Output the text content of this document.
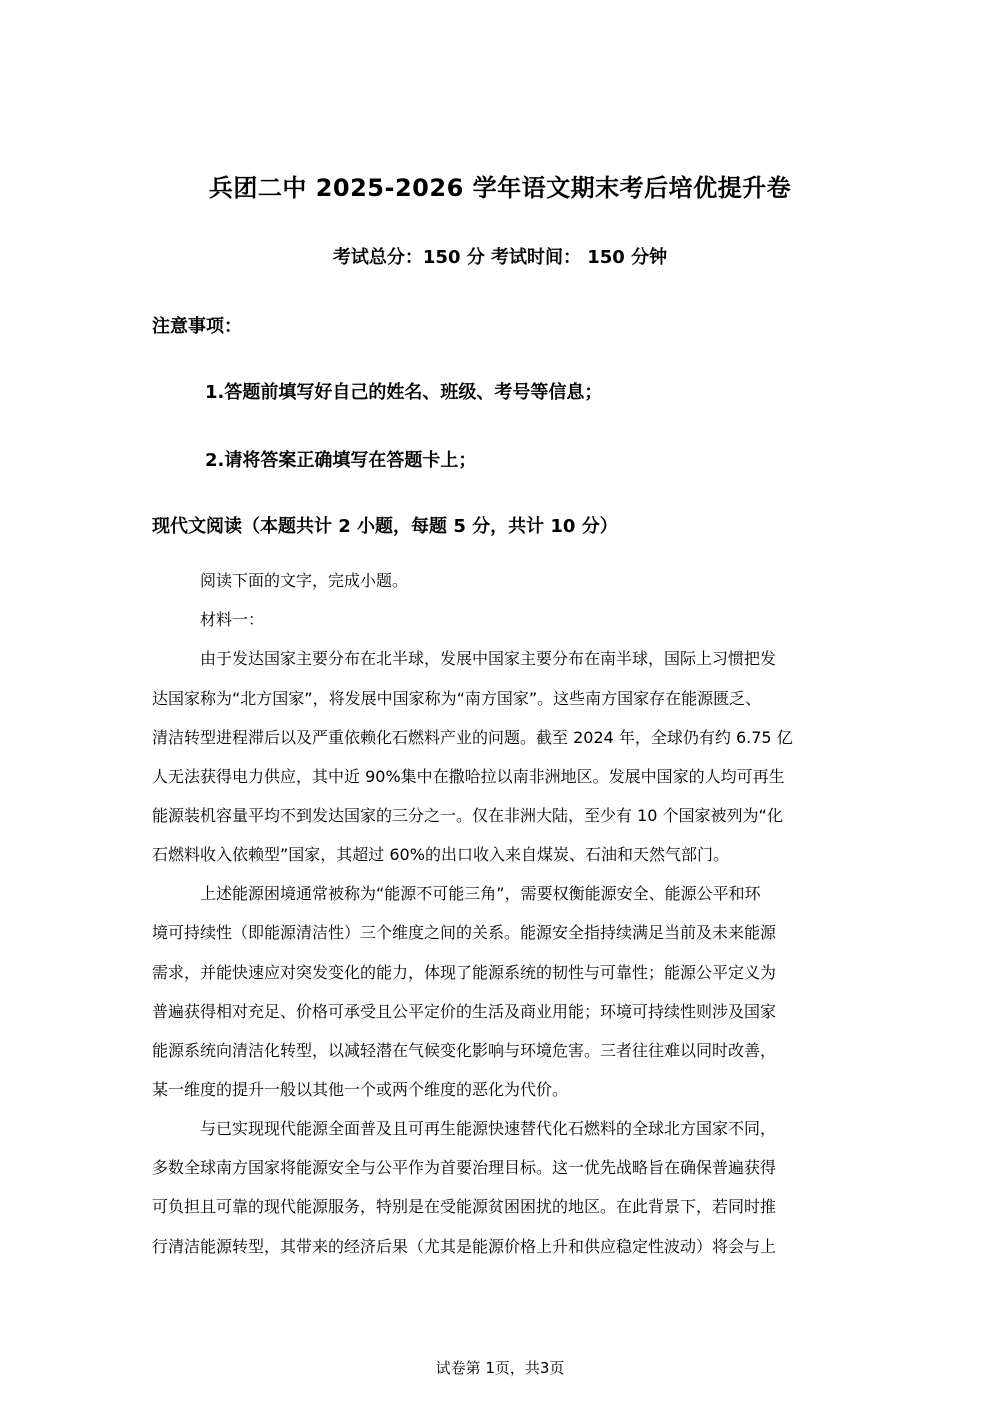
兵团二中 2025-2026 学年语文期末考后培优提升卷
考试总分：150 分 考试时间： 150 分钟
注意事项：
1.答题前填写好自己的姓名、班级、考号等信息；
2.请将答案正确填写在答题卡上；
现代文阅读（本题共计 2 小题，每题 5 分，共计 10 分）
阅读下面的文字，完成小题。
材料一：
由于发达国家主要分布在北半球，发展中国家主要分布在南半球，国际上习惯把发
达国家称为“北方国家”，将发展中国家称为“南方国家”。这些南方国家存在能源匮乏、
清洁转型进程滞后以及严重依赖化石燃料产业的问题。截至 2024 年，全球仍有约 6.75 亿
人无法获得电力供应，其中近 90%集中在撒哈拉以南非洲地区。发展中国家的人均可再生
能源装机容量平均不到发达国家的三分之一。仅在非洲大陆，至少有 10 个国家被列为“化
石燃料收入依赖型”国家，其超过 60%的出口收入来自煤炭、石油和天然气部门。
上述能源困境通常被称为“能源不可能三角”，需要权衡能源安全、能源公平和环
境可持续性（即能源清洁性）三个维度之间的关系。能源安全指持续满足当前及未来能源
需求，并能快速应对突发变化的能力，体现了能源系统的韧性与可靠性；能源公平定义为
普遍获得相对充足、价格可承受且公平定价的生活及商业用能；环境可持续性则涉及国家
能源系统向清洁化转型，以减轻潜在气候变化影响与环境危害。三者往往难以同时改善，
某一维度的提升一般以其他一个或两个维度的恶化为代价。
与已实现现代能源全面普及且可再生能源快速替代化石燃料的全球北方国家不同，
多数全球南方国家将能源安全与公平作为首要治理目标。这一优先战略旨在确保普遍获得
可负担且可靠的现代能源服务，特别是在受能源贫困困扰的地区。在此背景下，若同时推
行清洁能源转型，其带来的经济后果（尤其是能源价格上升和供应稳定性波动）将会与上
试卷第 1页，共3页
